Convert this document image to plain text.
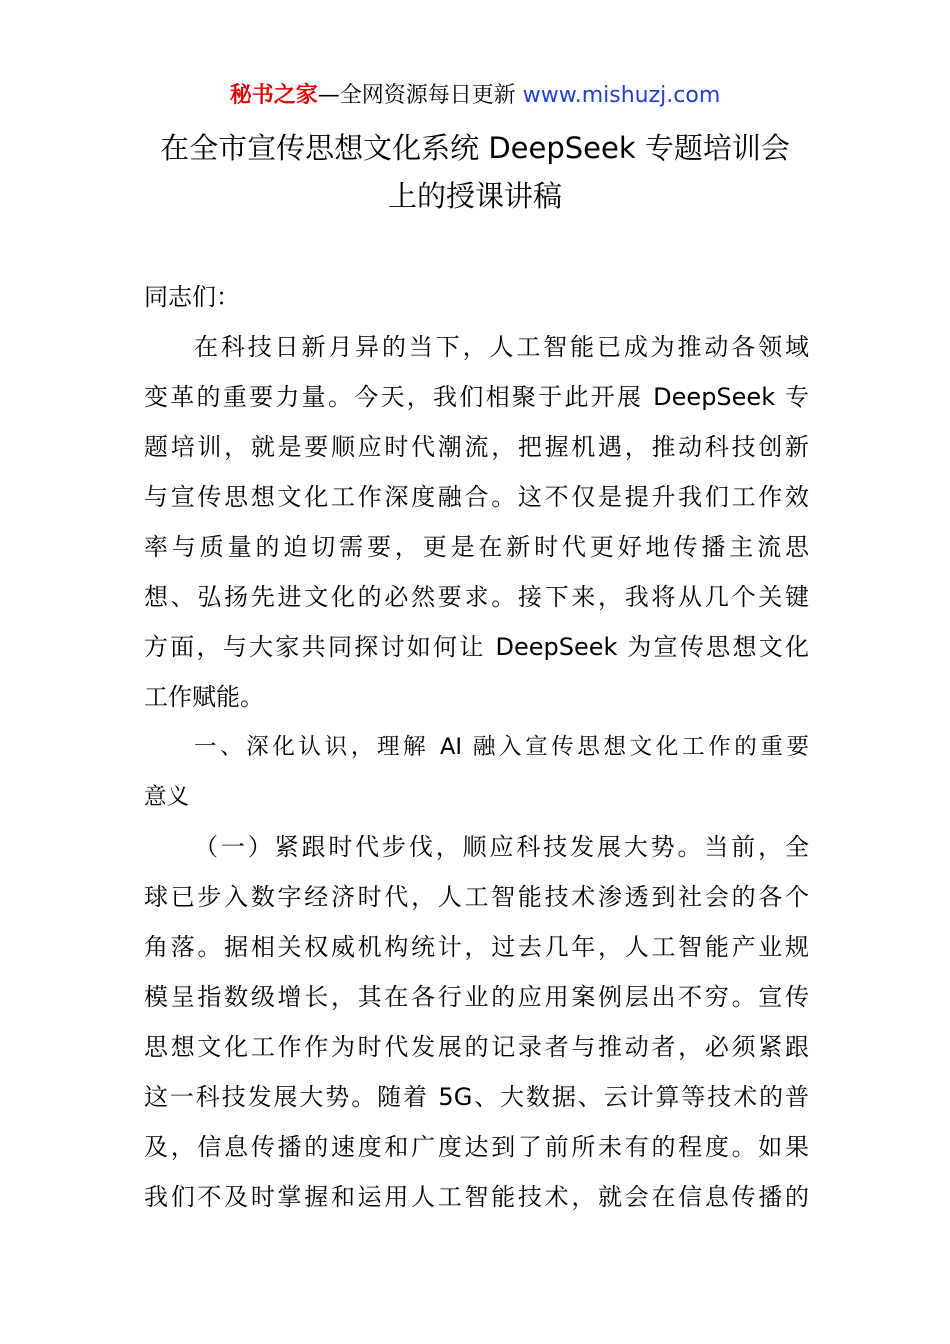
秘书之家—全网资源每日更新 www.mishuzj.com
在全市宣传思想文化系统 DeepSeek 专题培训会
上的授课讲稿
同志们：
在科技日新月异的当下，人工智能已成为推动各领域
变革的重要力量。今天，我们相聚于此开展 DeepSeek 专
题培训，就是要顺应时代潮流，把握机遇，推动科技创新
与宣传思想文化工作深度融合。这不仅是提升我们工作效
率与质量的迫切需要，更是在新时代更好地传播主流思
想、弘扬先进文化的必然要求。接下来，我将从几个关键
方面，与大家共同探讨如何让 DeepSeek 为宣传思想文化
工作赋能。
一、深化认识，理解 AI 融入宣传思想文化工作的重要
意义
（一）紧跟时代步伐，顺应科技发展大势。当前，全
球已步入数字经济时代，人工智能技术渗透到社会的各个
角落。据相关权威机构统计，过去几年，人工智能产业规
模呈指数级增长，其在各行业的应用案例层出不穷。宣传
思想文化工作作为时代发展的记录者与推动者，必须紧跟
这一科技发展大势。随着 5G、大数据、云计算等技术的普
及，信息传播的速度和广度达到了前所未有的程度。如果
我们不及时掌握和运用人工智能技术，就会在信息传播的
